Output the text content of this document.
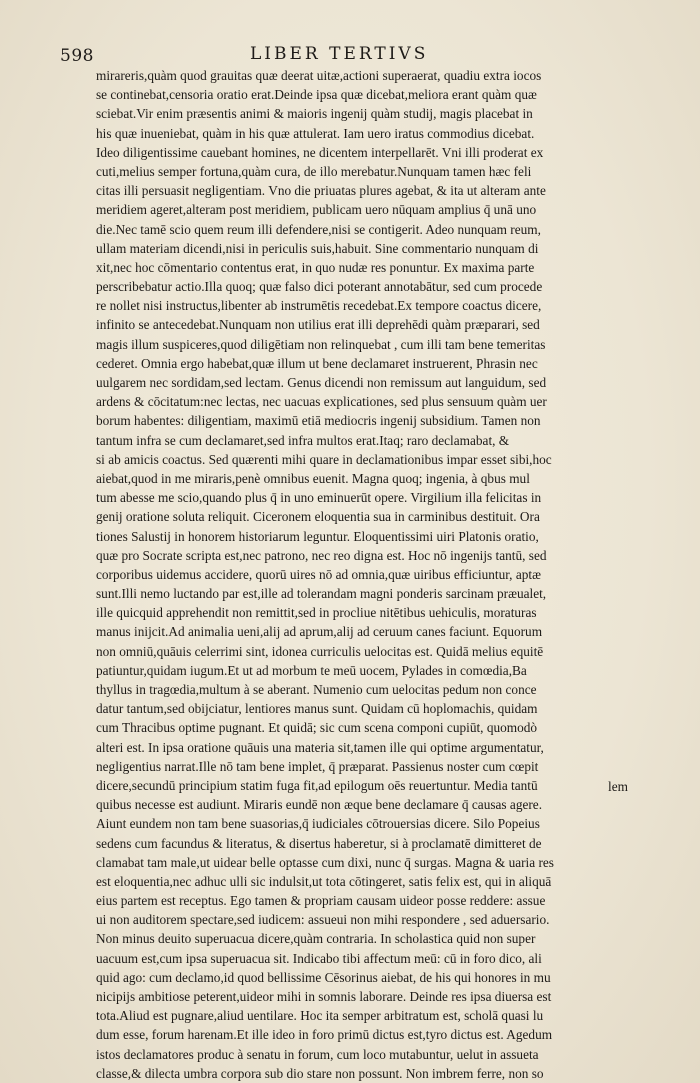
598	LIBER TERTIVS
mirareris,quàm quod grauitas quæ deerat uitæ,actioni superaerat, quadiu extra iocos
se continebat,censoria oratio erat.Deinde ipsa quæ dicebat,meliora erant quàm quæ
sciebat.Vir enim præsentis animi & maioris ingenij quàm studij, magis placebat in
his quæ inueniebat, quàm in his quæ attulerat. Iam uero iratus commodius dicebat.
Ideo diligentissime cauebant homines, ne dicentem interpellarēt. Vni illi proderat ex
cuti,melius semper fortuna,quàm cura, de illo merebatur.Nunquam tamen hæc feli
citas illi persuasit negligentiam. Vno die priuatas plures agebat, & ita ut alteram ante
meridiem ageret,alteram post meridiem, publicam uero nūquam amplius q̄ unā uno
die.Nec tamē scio quem reum illi defendere,nisi se contigerit. Adeo nunquam reum,
ullam materiam dicendi,nisi in periculis suis,habuit. Sine commentario nunquam di
xit,nec hoc cōmentario contentus erat, in quo nudæ res ponuntur. Ex maxima parte
perscribebatur actio.Illa quoq; quæ falso dici poterant annotabātur, sed cum procede
re nollet nisi instructus,libenter ab instrumētis recedebat.Ex tempore coactus dicere,
infinito se antecedebat.Nunquam non utilius erat illi deprehēdi quàm præparari, sed
magis illum suspiceres,quod diligētiam non relinquebat , cum illi tam bene temeritas
cederet. Omnia ergo habebat,quæ illum ut bene declamaret instruerent, Phrasin nec
uulgarem nec sordidam,sed lectam. Genus dicendi non remissum aut languidum, sed
ardens & cōcitatum:nec lectas, nec uacuas explicationes, sed plus sensuum quàm uer
borum habentes: diligentiam, maximū etiā mediocris ingenij subsidium. Tamen non
tantum infra se cum declamaret,sed infra multos erat.Itaq; raro declamabat, &
si ab amicis coactus. Sed quærenti mihi quare in declamationibus impar esset sibi,hoc
aiebat,quod in me miraris,penè omnibus euenit. Magna quoq; ingenia, à qbus mul
tum abesse me scio,quando plus q̄ in uno eminuerūt opere. Virgilium illa felicitas in
genij oratione soluta reliquit. Ciceronem eloquentia sua in carminibus destituit. Ora
tiones Salustij in honorem historiarum leguntur. Eloquentissimi uiri Platonis oratio,
quæ pro Socrate scripta est,nec patrono, nec reo digna est. Hoc nō ingenijs tantū, sed
corporibus uidemus accidere, quorū uires nō ad omnia,quæ uiribus efficiuntur, aptæ
sunt.Illi nemo luctando par est,ille ad tolerandam magni ponderis sarcinam præualet,
ille quicquid apprehendit non remittit,sed in procliue nitētibus uehiculis, moraturas
manus inijcit.Ad animalia ueni,alij ad aprum,alij ad ceruum canes faciunt. Equorum
non omniū,quāuis celerrimi sint, idonea curriculis uelocitas est. Quidā melius equitē
patiuntur,quidam iugum.Et ut ad morbum te meū uocem, Pylades in comœdia,Ba
thyllus in tragœdia,multum à se aberant. Numenio cum uelocitas pedum non conce
datur tantum,sed obijciatur, lentiores manus sunt. Quidam cū hoplomachis, quidam
cum Thracibus optime pugnant. Et quidā; sic cum scena componi cupiūt, quomodò
alteri est. In ipsa oratione quāuis una materia sit,tamen ille qui optime argumentatur,
negligentius narrat.Ille nō tam bene implet, q̄ præparat. Passienus noster cum cœpit
dicere,secundū principium statim fuga fit,ad epilogum oēs reuertuntur. Media tantū
quibus necesse est audiunt. Miraris eundē non æque bene declamare q̄ causas agere.
Aiunt eundem non tam bene suasorias,q̄ iudiciales cōtrouersias dicere. Silo Popeius
sedens cum facundus & literatus, & disertus haberetur, si à proclamatē dimitteret de
clamabat tam male,ut uidear belle optasse cum dixi, nunc q̄ surgas. Magna & uaria res
est eloquentia,nec adhuc ulli sic indulsit,ut tota cōtingeret, satis felix est, qui in aliquā
eius partem est receptus. Ego tamen & propriam causam uideor posse reddere: assue
ui non auditorem spectare,sed iudicem: assueui non mihi respondere , sed aduersario.
Non minus deuito superuacua dicere,quàm contraria. In scholastica quid non super
uacuum est,cum ipsa superuacua sit. Indicabo tibi affectum meū: cū in foro dico, ali
quid ago: cum declamo,id quod bellissime Cēsorinus aiebat, de his qui honores in mu
nicipijs ambitiose peterent,uideor mihi in somnis laborare. Deinde res ipsa diuersa est
tota.Aliud est pugnare,aliud uentilare. Hoc ita semper arbitratum est, scholā quasi lu
dum esse, forum harenam.Et ille ideo in foro primū dictus est,tyro dictus est. Agedum
istos declamatores produc à senatu in forum, cum loco mutabuntur, uelut in assueta
classe,& dilecta umbra corpora sub dio stare non possunt. Non imbrem ferre, non so
lem
